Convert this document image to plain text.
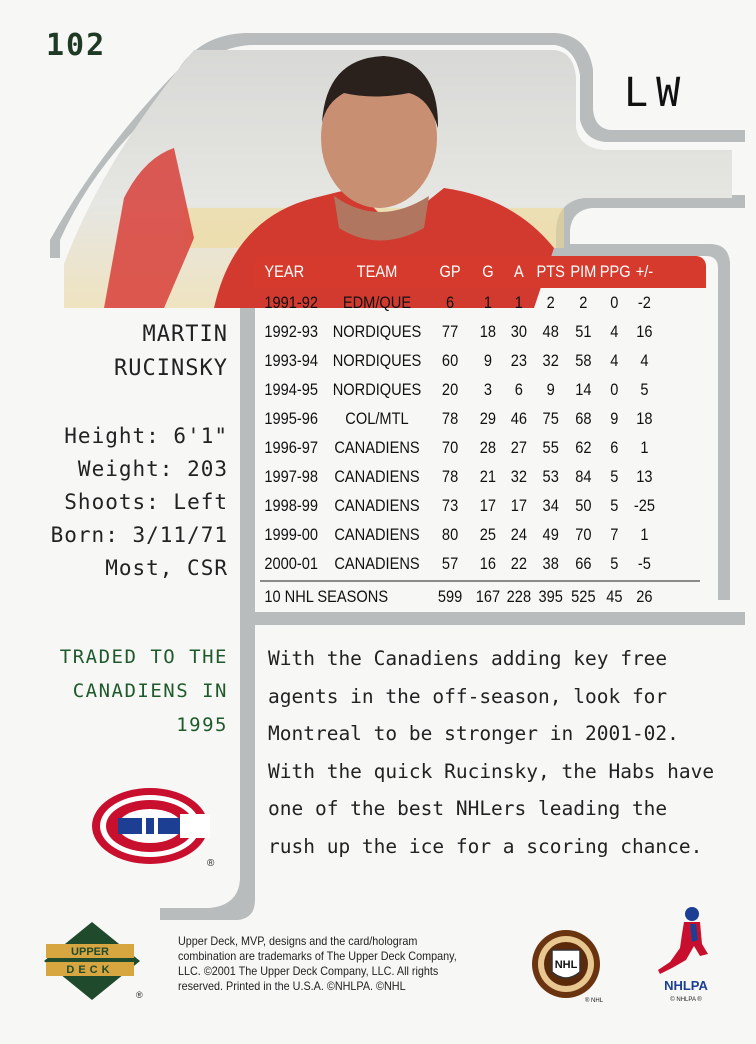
102
LW
MARTIN
RUCINSKY
Height: 6'1"
Weight: 203
Shoots: Left
Born: 3/11/71
Most, CSR
TRADED TO THE
CANADIENS IN
1995
®
YEAR	TEAM	GP	G	A PTS PIM PPG +/-
1991-92	EDM/QUE	6	1	1	2	2	0	-2
1992-93 NORDIQUES	77	18 30 48 51	4	16
1993-94 NORDIQUES	60	9	23 32 58	4	4
1994-95 NORDIQUES	20	3	6	9	14	0	5
1995-96	COL/MTL	78	29 46 75 68	9	18
1996-97 CANADIENS	70	28 27 55 62	6	1
1997-98 CANADIENS	78	21 32 53 84	5	13
1998-99 CANADIENS	73	17 17 34 50	5 -25
1999-00 CANADIENS	80	25 24 49 70	7	1
2000-01 CANADIENS	57	16 22 38 66	5	-5
10 NHL SEASONS	599 167 228 395 525 45 26
With the Canadiens adding key free agents in the off-season, look for Montreal to be stronger in 2001-02. With the quick Rucinsky, the Habs have one of the best NHLers leading the rush up the ice for a scoring chance.
UPPER
DECK
®
Upper Deck, MVP, designs and the card/hologram combination are trademarks of The Upper Deck Company, LLC. ©2001 The Upper Deck Company, LLC. All rights reserved. Printed in the U.S.A. ©NHLPA. ©NHL
NHL
® NHL
NHLPA
© NHLPA ®
